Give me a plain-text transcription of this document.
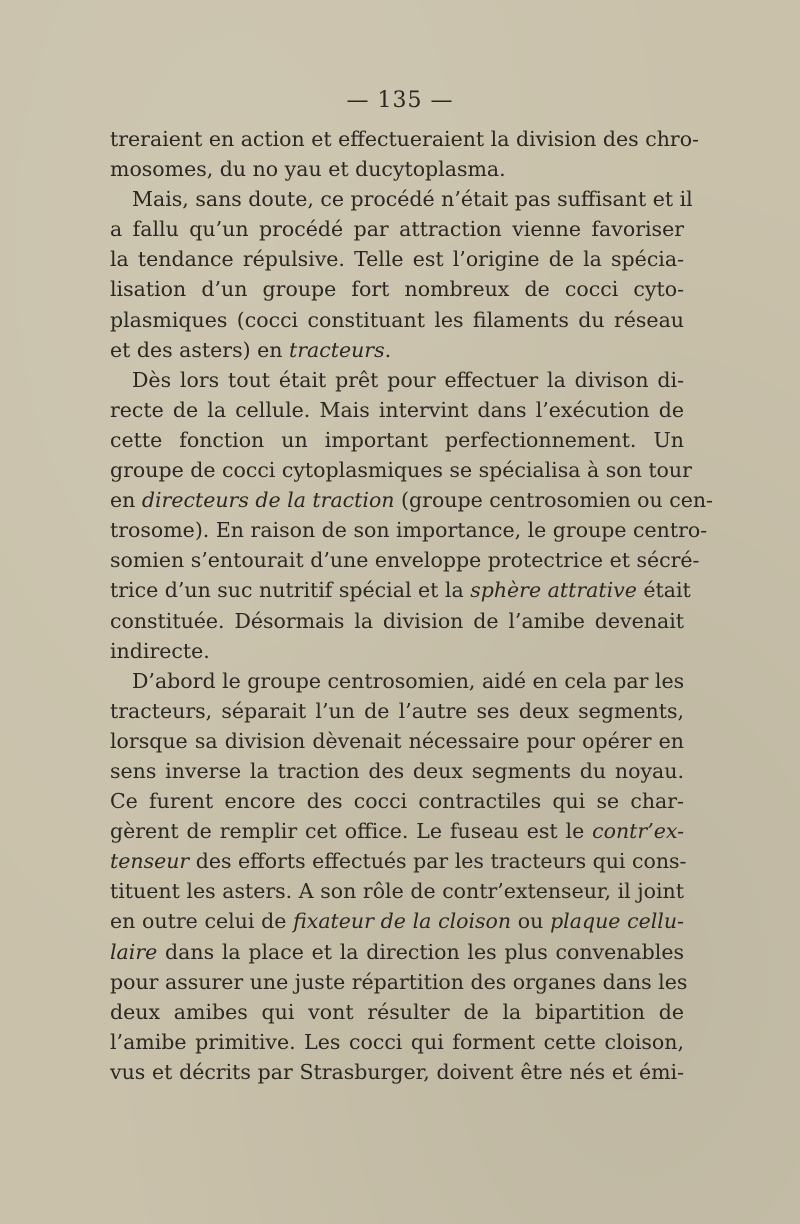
— 135 —
treraient en action et effectueraient la division des chro-
mosomes, du no yau et ducytoplasma.
Mais, sans doute, ce procédé n’était pas suffisant et il
a fallu qu’un procédé par attraction vienne favoriser
la tendance répulsive. Telle est l’origine de la spécia-
lisation d’un groupe fort nombreux de cocci cyto-
plasmiques (cocci constituant les filaments du réseau
et des asters) en tracteurs.
Dès lors tout était prêt pour effectuer la divison di-
recte de la cellule. Mais intervint dans l’exécution de
cette fonction un important perfectionnement. Un
groupe de cocci cytoplasmiques se spécialisa à son tour
en directeurs de la traction (groupe centrosomien ou cen-
trosome). En raison de son importance, le groupe centro-
somien s’entourait d’une enveloppe protectrice et sécré-
trice d’un suc nutritif spécial et la sphère attrative était
constituée. Désormais la division de l’amibe devenait
indirecte.
D’abord le groupe centrosomien, aidé en cela par les
tracteurs, séparait l’un de l’autre ses deux segments,
lorsque sa division dèvenait nécessaire pour opérer en
sens inverse la traction des deux segments du noyau.
Ce furent encore des cocci contractiles qui se char-
gèrent de remplir cet office. Le fuseau est le contr’ex-
tenseur des efforts effectués par les tracteurs qui cons-
tituent les asters. A son rôle de contr’extenseur, il joint
en outre celui de fixateur de la cloison ou plaque cellu-
laire dans la place et la direction les plus convenables
pour assurer une juste répartition des organes dans les
deux amibes qui vont résulter de la bipartition de
l’amibe primitive. Les cocci qui forment cette cloison,
vus et décrits par Strasburger, doivent être nés et émi-
